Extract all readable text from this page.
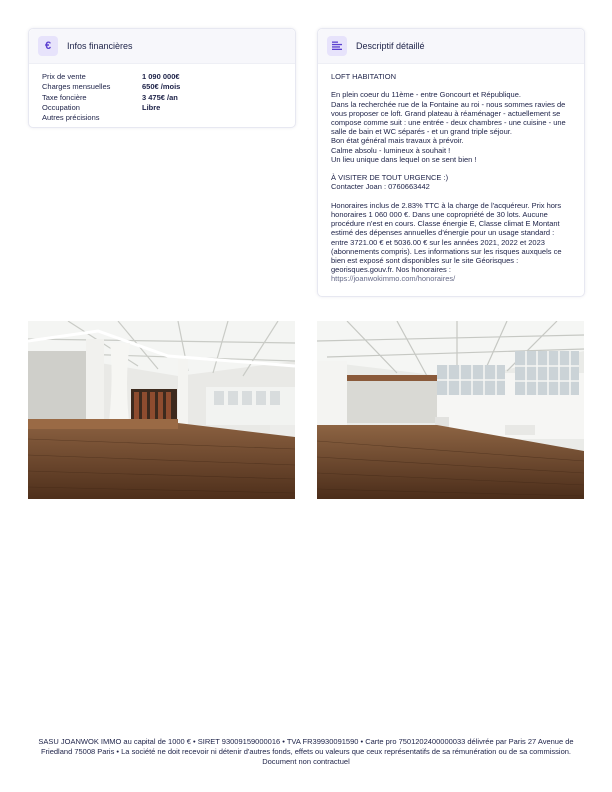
€	Infos financières
Prix de vente	1 090 000€
Charges mensuelles	650€ /mois
Taxe foncière	3 475€ /an
Occupation	Libre
Autres précisions
Descriptif détaillé

LOFT HABITATION

En plein coeur du 11ème - entre Goncourt et République.

Dans la recherchée rue de la Fontaine au roi - nous sommes ravies de vous proposer ce loft. Grand plateau à réaménager - actuellement se compose comme suit : une entrée - deux chambres - une cuisine - une salle de bain et WC séparés - et un grand triple séjour.

Bon état général mais travaux à prévoir.

Calme absolu - lumineux à souhait !

Un lieu unique dans lequel on se sent bien !

À VISITER DE TOUT URGENCE :)

Contacter Joan : 0760663442

Honoraires inclus de 2.83% TTC à la charge de l'acquéreur. Prix hors honoraires 1 060 000 €. Dans une copropriété de 30 lots. Aucune procédure n'est en cours. Classe énergie E, Classe climat E Montant estimé des dépenses annuelles d'énergie pour un usage standard : entre 3721.00 € et 5036.00 € sur les années 2021, 2022 et 2023 (abonnements compris). Les informations sur les risques auxquels ce bien est exposé sont disponibles sur le site Géorisques : georisques.gouv.fr. Nos honoraires :

https://joanwokimmo.com/honoraires/

SASU JOANWOK IMMO au capital de 1000 € • SIRET 93009159000016 • TVA FR39930091590 • Carte pro 7501202400000033 délivrée par Paris 27 Avenue de Friedland 75008 Paris • La société ne doit recevoir ni détenir d'autres fonds, effets ou valeurs que ceux représentatifs de sa rémunération ou de sa commission. Document non contractuel
